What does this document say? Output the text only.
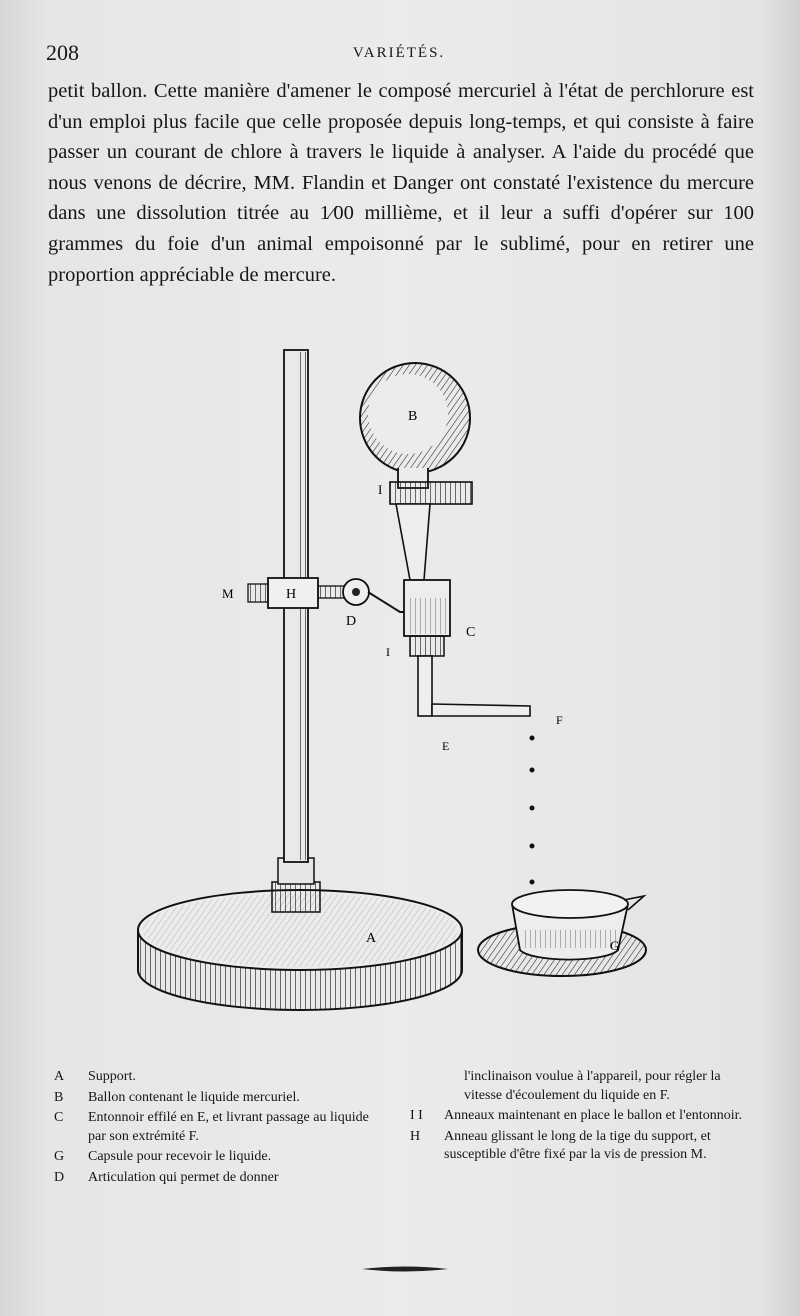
208	VARIÉTÉS.

petit ballon. Cette manière d'amener le composé mercuriel à l'état de perchlorure est d'un emploi plus facile que celle proposée depuis long-temps, et qui consiste à faire passer un courant de chlore à travers le liquide à analyser. A l'aide du procédé que nous venons de décrire, MM. Flandin et Danger ont constaté l'existence du mercure dans une dissolution titrée au 1⁄00 millième, et il leur a suffi d'opérer sur 100 grammes du foie d'un animal empoisonné par le sublimé, pour en retirer une proportion appréciable de mercure.

A
B
C
D
E
F
G
H
I
I
M
A	Support.
B	Ballon contenant le liquide mercuriel.
C	Entonnoir effilé en E, et livrant passage au liquide par son extrémité F.
G	Capsule pour recevoir le liquide.
D	Articulation qui permet de donner
l'inclinaison voulue à l'appareil, pour régler la vitesse d'écoulement du liquide en F.
I I	Anneaux maintenant en place le ballon et l'entonnoir.
H	Anneau glissant le long de la tige du support, et susceptible d'être fixé par la vis de pression M.
